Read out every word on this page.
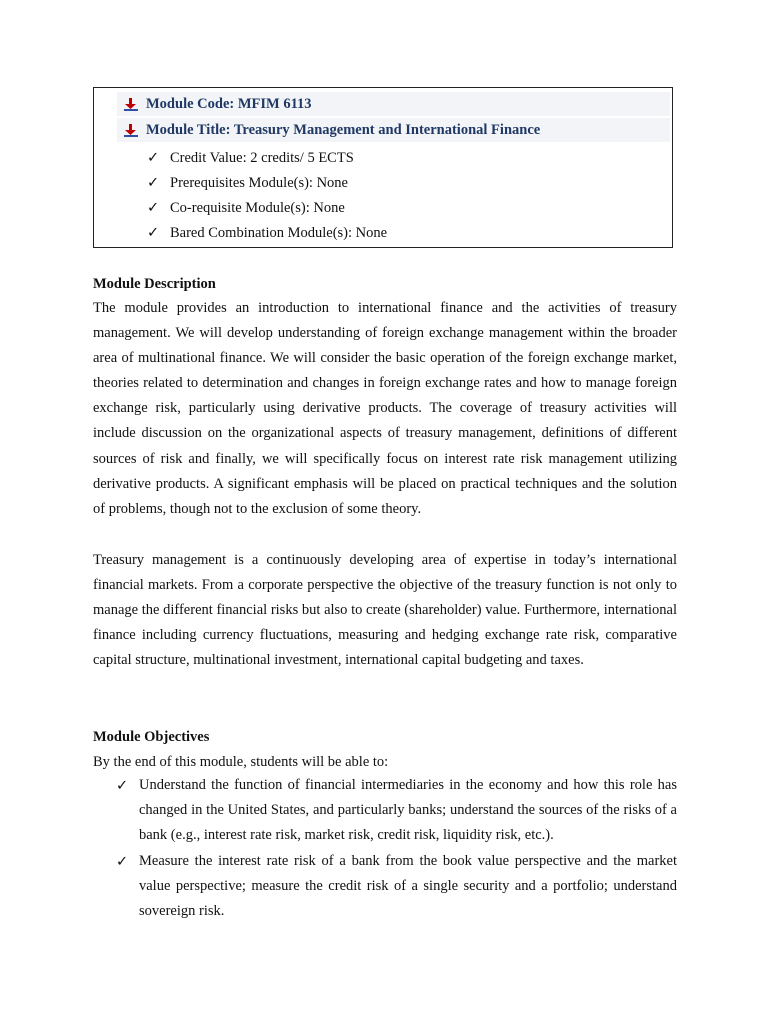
Module Code: MFIM 6113
Module Title: Treasury Management and International Finance
✓ Credit Value: 2 credits/ 5 ECTS
✓ Prerequisites Module(s): None
✓ Co-requisite Module(s): None
✓ Bared Combination Module(s): None
Module Description

The module provides an introduction to international finance and the activities of treasury management. We will develop understanding of foreign exchange management within the broader area of multinational finance. We will consider the basic operation of the foreign exchange market, theories related to determination and changes in foreign exchange rates and how to manage foreign exchange risk, particularly using derivative products. The coverage of treasury activities will include discussion on the organizational aspects of treasury management, definitions of different sources of risk and finally, we will specifically focus on interest rate risk management utilizing derivative products. A significant emphasis will be placed on practical techniques and the solution of problems, though not to the exclusion of some theory.

Treasury management is a continuously developing area of expertise in today’s international financial markets. From a corporate perspective the objective of the treasury function is not only to manage the different financial risks but also to create (shareholder) value. Furthermore, international finance including currency fluctuations, measuring and hedging exchange rate risk, comparative capital structure, multinational investment, international capital budgeting and taxes.

Module Objectives
By the end of this module, students will be able to:
✓ Understand the function of financial intermediaries in the economy and how this role has changed in the United States, and particularly banks; understand the sources of the risks of a bank (e.g., interest rate risk, market risk, credit risk, liquidity risk, etc.).

✓ Measure the interest rate risk of a bank from the book value perspective and the market value perspective; measure the credit risk of a single security and a portfolio; understand sovereign risk.
